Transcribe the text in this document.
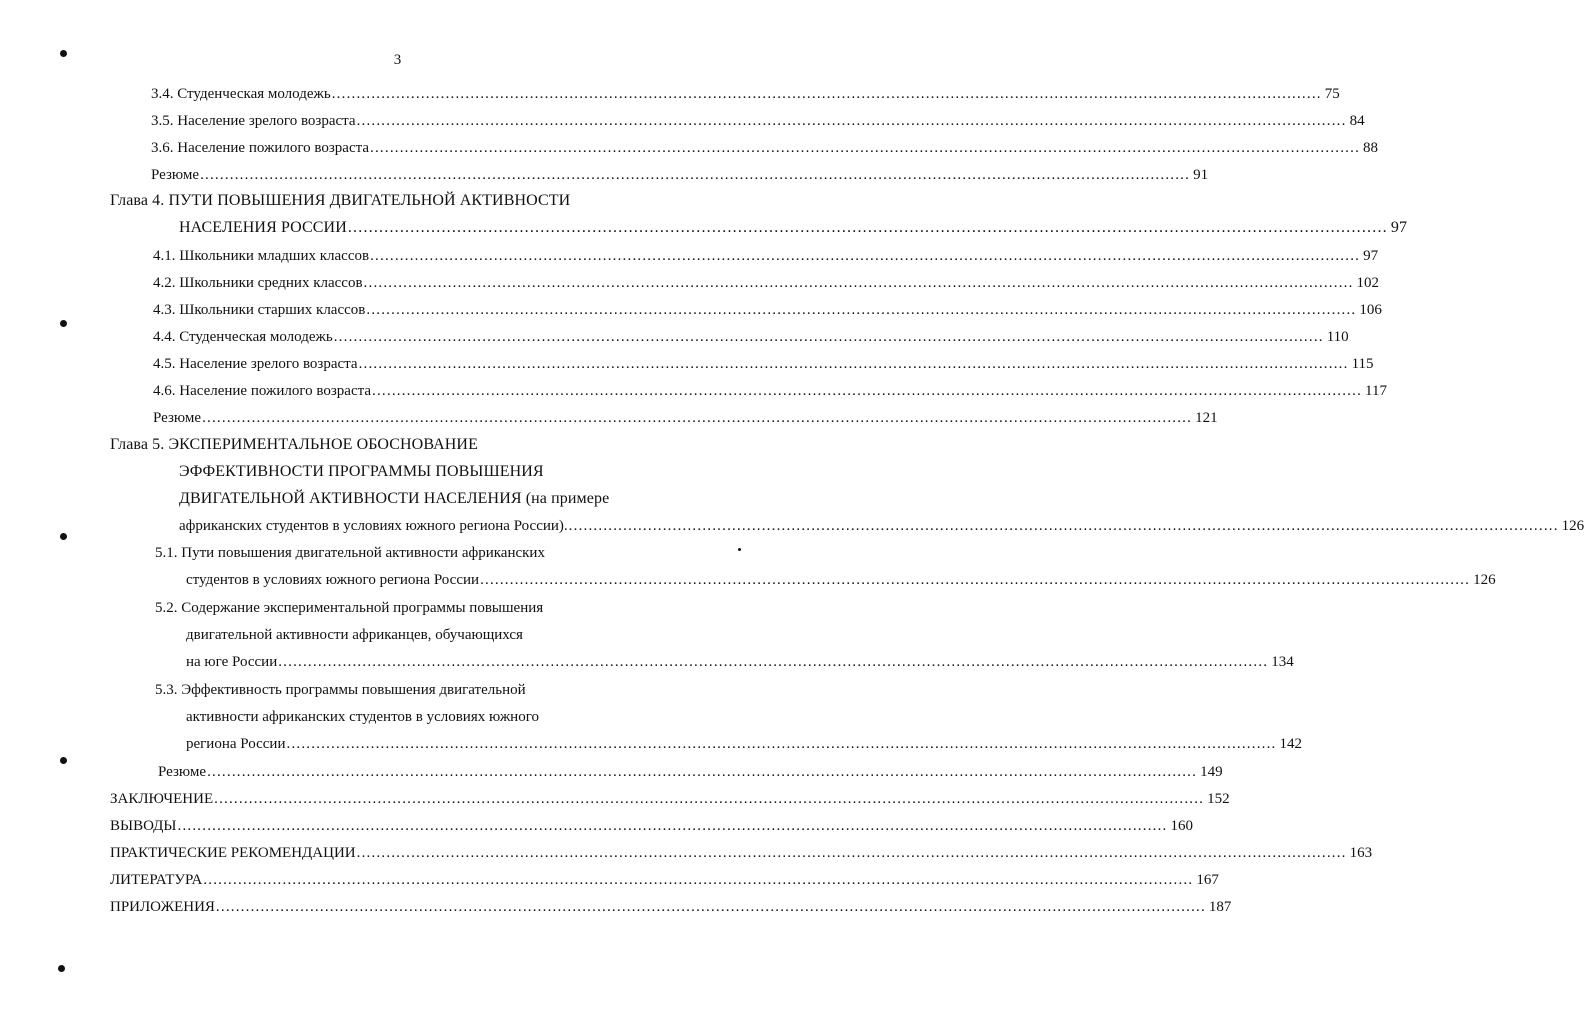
3
3.4. Студенческая молодежь ........................................................................................................................................................................................................ 75
3.5. Население зрелого возраста ........................................................................................................................................................................................................ 84
3.6. Население пожилого возраста ........................................................................................................................................................................................................ 88
Резюме ........................................................................................................................................................................................................ 91
Глава 4. ПУТИ ПОВЫШЕНИЯ ДВИГАТЕЛЬНОЙ АКТИВНОСТИ
НАСЕЛЕНИЯ РОССИИ ........................................................................................................................................................................................................ 97
4.1. Школьники младших классов ........................................................................................................................................................................................................ 97
4.2. Школьники средних классов ........................................................................................................................................................................................................ 102
4.3. Школьники старших классов ........................................................................................................................................................................................................ 106
4.4. Студенческая молодежь ........................................................................................................................................................................................................ 110
4.5. Население зрелого возраста ........................................................................................................................................................................................................ 115
4.6. Население пожилого возраста ........................................................................................................................................................................................................ 117
Резюме ........................................................................................................................................................................................................ 121
Глава 5. ЭКСПЕРИМЕНТАЛЬНОЕ ОБОСНОВАНИЕ
ЭФФЕКТИВНОСТИ ПРОГРАММЫ ПОВЫШЕНИЯ
ДВИГАТЕЛЬНОЙ АКТИВНОСТИ НАСЕЛЕНИЯ (на примере
африканских студентов в условиях южного региона России). ........................................................................................................................................................................................................ 126
5.1. Пути повышения двигательной активности африканских
студентов в условиях южного региона России ........................................................................................................................................................................................................ 126
5.2. Содержание экспериментальной программы повышения
двигательной активности африканцев, обучающихся
на юге России ........................................................................................................................................................................................................ 134
5.3. Эффективность программы повышения двигательной
активности африканских студентов в условиях южного
региона России ........................................................................................................................................................................................................ 142
Резюме ........................................................................................................................................................................................................ 149
ЗАКЛЮЧЕНИЕ ........................................................................................................................................................................................................ 152
ВЫВОДЫ ........................................................................................................................................................................................................ 160
ПРАКТИЧЕСКИЕ РЕКОМЕНДАЦИИ ........................................................................................................................................................................................................ 163
ЛИТЕРАТУРА ........................................................................................................................................................................................................ 167
ПРИЛОЖЕНИЯ ........................................................................................................................................................................................................ 187
